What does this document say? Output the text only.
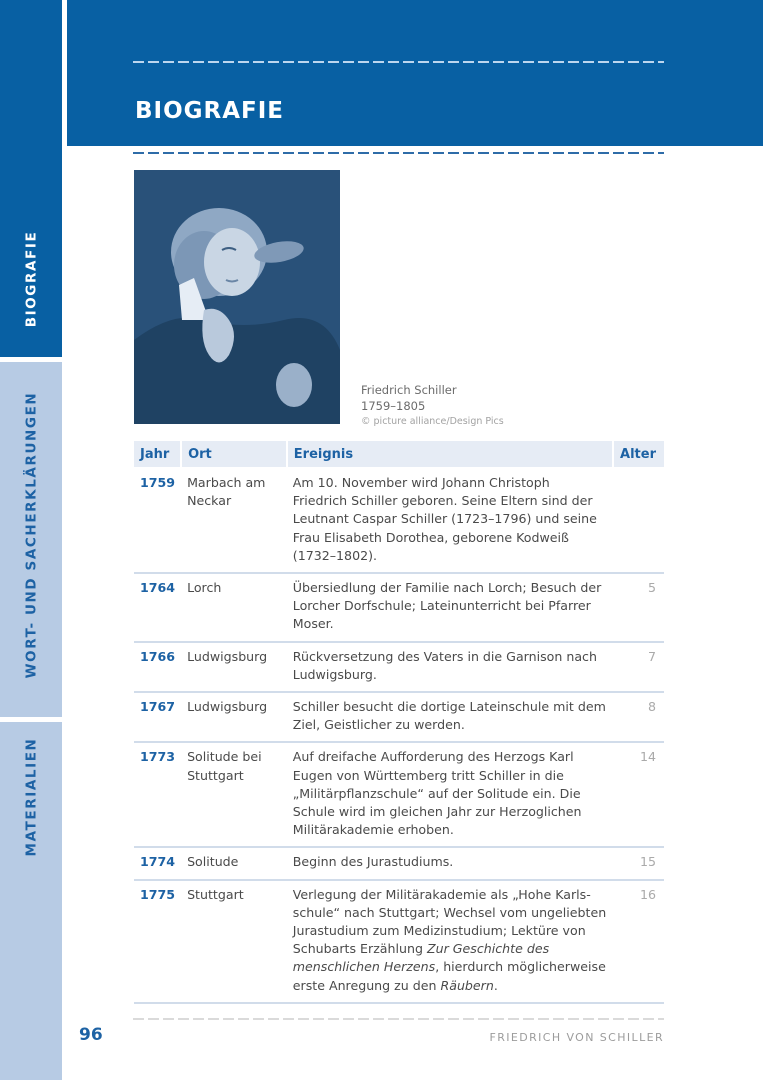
BIOGRAFIE
WORT- UND SACHERKLÄRUNGEN
MATERIALIEN
BIOGRAFIE
Friedrich Schiller
1759–1805
© picture alliance/Design Pics
Jahr	Ort	Ereignis	Alter
1759	Marbach am Neckar	Am 10. November wird Johann Christoph Friedrich Schiller geboren. Seine Eltern sind der Leutnant Caspar Schiller (1723–1796) und seine Frau Elisabeth Dorothea, geborene Kodweiß (1732–1802).	
1764	Lorch	Übersiedlung der Familie nach Lorch; Besuch der Lorcher Dorfschule; Lateinunterricht bei Pfarrer Moser.	5
1766	Ludwigsburg	Rückversetzung des Vaters in die Garnison nach Ludwigsburg.	7
1767	Ludwigsburg	Schiller besucht die dortige Lateinschule mit dem Ziel, Geistlicher zu werden.	8
1773	Solitude bei Stuttgart	Auf dreifache Aufforderung des Herzogs Karl Eugen von Württemberg tritt Schiller in die „Militärpflanzschule“ auf der Solitude ein. Die Schule wird im gleichen Jahr zur Herzoglichen Militärakademie erhoben.	14
1774	Solitude	Beginn des Jurastudiums.	15
1775	Stuttgart	Verlegung der Militärakademie als „Hohe Karlsschule“ nach Stuttgart; Wechsel vom ungeliebten Jurastudium zum Medizinstudium; Lektüre von Schubarts Erzählung Zur Geschichte des menschlichen Herzens, hierdurch möglicherweise erste Anregung zu den Räubern.	16
96	FRIEDRICH VON SCHILLER
